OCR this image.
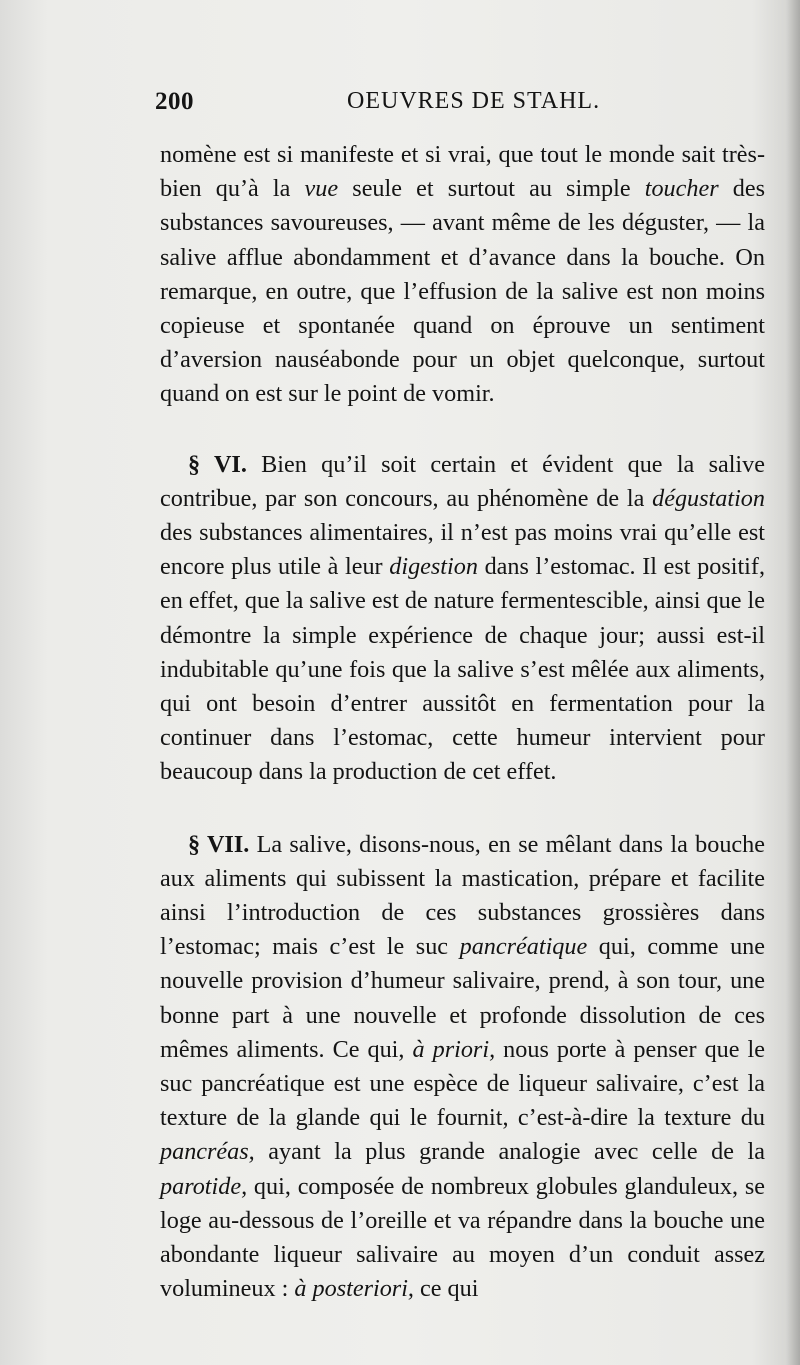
200	OEUVRES DE STAHL.

nomène est si manifeste et si vrai, que tout le monde sait très-bien qu’à la vue seule et surtout au simple toucher des substances savoureuses, — avant même de les déguster, — la salive afflue abondamment et d’avance dans la bouche. On remarque, en outre, que l’effusion de la salive est non moins copieuse et spontanée quand on éprouve un sentiment d’aversion nauséabonde pour un objet quelconque, surtout quand on est sur le point de vomir.

§ VI. Bien qu’il soit certain et évident que la salive contribue, par son concours, au phénomène de la dégustation des substances alimentaires, il n’est pas moins vrai qu’elle est encore plus utile à leur digestion dans l’estomac. Il est positif, en effet, que la salive est de nature fermentescible, ainsi que le démontre la simple expérience de chaque jour; aussi est-il indubitable qu’une fois que la salive s’est mêlée aux aliments, qui ont besoin d’entrer aussitôt en fermentation pour la continuer dans l’estomac, cette humeur intervient pour beaucoup dans la production de cet effet.

§ VII. La salive, disons-nous, en se mêlant dans la bouche aux aliments qui subissent la mastication, prépare et facilite ainsi l’introduction de ces substances grossières dans l’estomac; mais c’est le suc pancréatique qui, comme une nouvelle provision d’humeur salivaire, prend, à son tour, une bonne part à une nouvelle et profonde dissolution de ces mêmes aliments. Ce qui, à priori, nous porte à penser que le suc pancréatique est une espèce de liqueur salivaire, c’est la texture de la glande qui le fournit, c’est-à-dire la texture du pancréas, ayant la plus grande analogie avec celle de la parotide, qui, composée de nombreux globules glanduleux, se loge au-dessous de l’oreille et va répandre dans la bouche une abondante liqueur salivaire au moyen d’un conduit assez volumineux : à posteriori, ce qui
